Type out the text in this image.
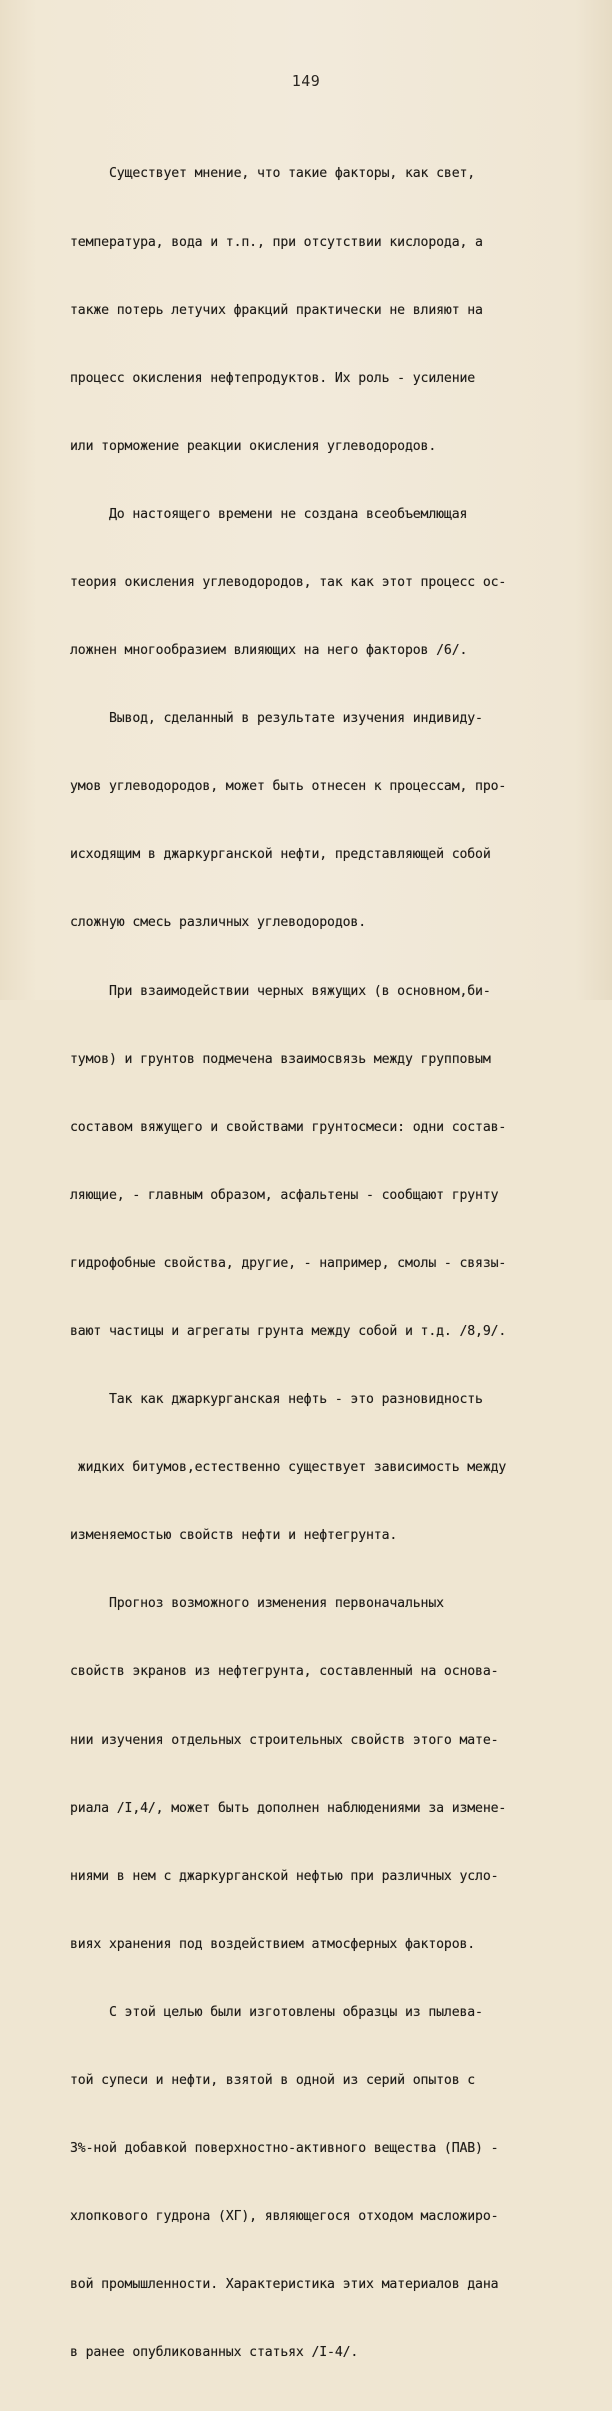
149

Существует мнение, что такие факторы, как свет,

температура, вода и т.п., при отсутствии кислорода, а

также потерь летучих фракций практически не влияют на

процесс окисления нефтепродуктов. Их роль - усиление

или торможение реакции окисления углеводородов.

До настоящего времени не создана всеобъемлющая

теория окисления углеводородов, так как этот процесс ос-

ложнен многообразием влияющих на него факторов /6/.

Вывод, сделанный в результате изучения индивиду-

умов углеводородов, может быть отнесен к процессам, про-

исходящим в джаркурганской нефти, представляющей собой

сложную смесь различных углеводородов.

При взаимодействии черных вяжущих (в основном,би-

тумов) и грунтов подмечена взаимосвязь между групповым

составом вяжущего и свойствами грунтосмеси: одни состав-

ляющие, - главным образом, асфальтены - сообщают грунту

гидрофобные свойства, другие, - например, смолы - связы-

вают частицы и агрегаты грунта между собой и т.д. /8,9/.

Так как джаркурганская нефть - это разновидность

жидких битумов,естественно существует зависимость между

изменяемостью свойств нефти и нефтегрунта.

Прогноз возможного изменения первоначальных

свойств экранов из нефтегрунта, составленный на основа-

нии изучения отдельных строительных свойств этого мате-

риала /I,4/, может быть дополнен наблюдениями за измене-

ниями в нем с джаркурганской нефтью при различных усло-

виях хранения под воздействием атмосферных факторов.

С этой целью были изготовлены образцы из пылева-

той супеси и нефти, взятой в одной из серий опытов с

3%-ной добавкой поверхностно-активного вещества (ПАВ) -

хлопкового гудрона (ХГ), являющегося отходом масложиро-

вой промышленности. Характеристика этих материалов дана

в ранее опубликованных статьях /I-4/.
